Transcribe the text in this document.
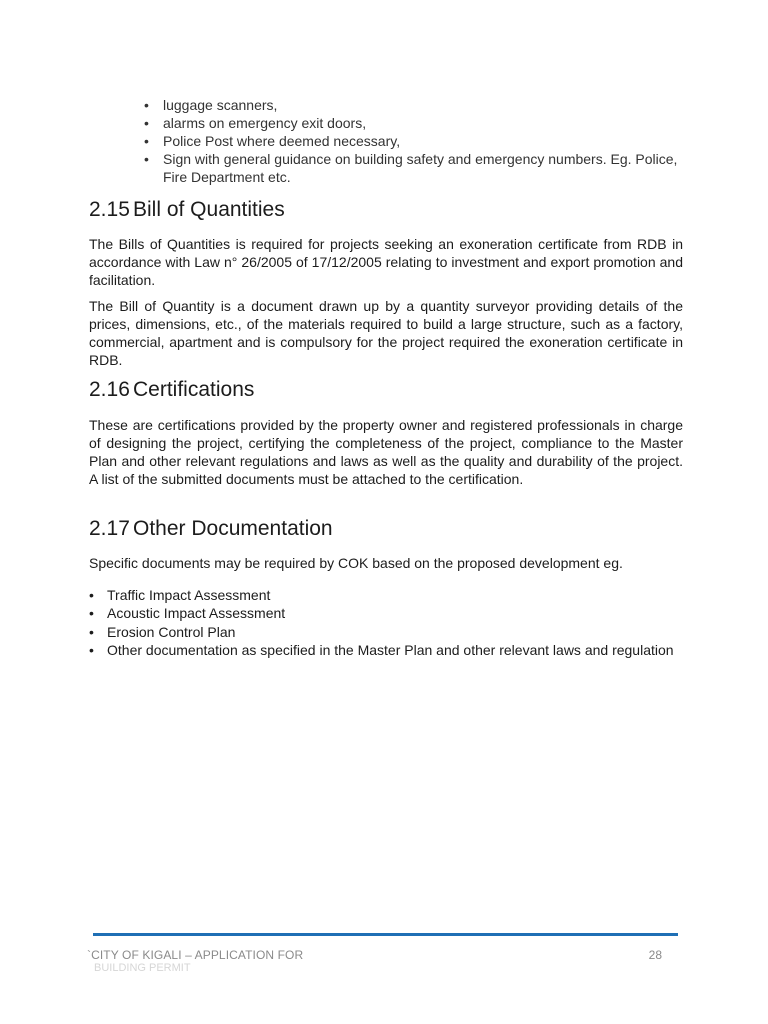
• luggage scanners,
• alarms on emergency exit doors,
• Police Post where deemed necessary,
• Sign with general guidance on building safety and emergency numbers. Eg. Police, Fire Department etc.
2.15 Bill of Quantities

The Bills of Quantities is required for projects seeking an exoneration certificate from RDB in accordance with Law n° 26/2005 of 17/12/2005 relating to investment and export promotion and facilitation.

The Bill of Quantity is a document drawn up by a quantity surveyor providing details of the prices, dimensions, etc., of the materials required to build a large structure, such as a factory, commercial, apartment and is compulsory for the project required the exoneration certificate in RDB.

2.16 Certifications

These are certifications provided by the property owner and registered professionals in charge of designing the project, certifying the completeness of the project, compliance to the Master Plan and other relevant regulations and laws as well as the quality and durability of the project. A list of the submitted documents must be attached to the certification.

2.17 Other Documentation

Specific documents may be required by COK based on the proposed development eg.

• Traffic Impact Assessment
• Acoustic Impact Assessment
• Erosion Control Plan
• Other documentation as specified in the Master Plan and other relevant laws and regulation
`CITY OF KIGALI – APPLICATION FOR
BUILDING PERMIT
28
